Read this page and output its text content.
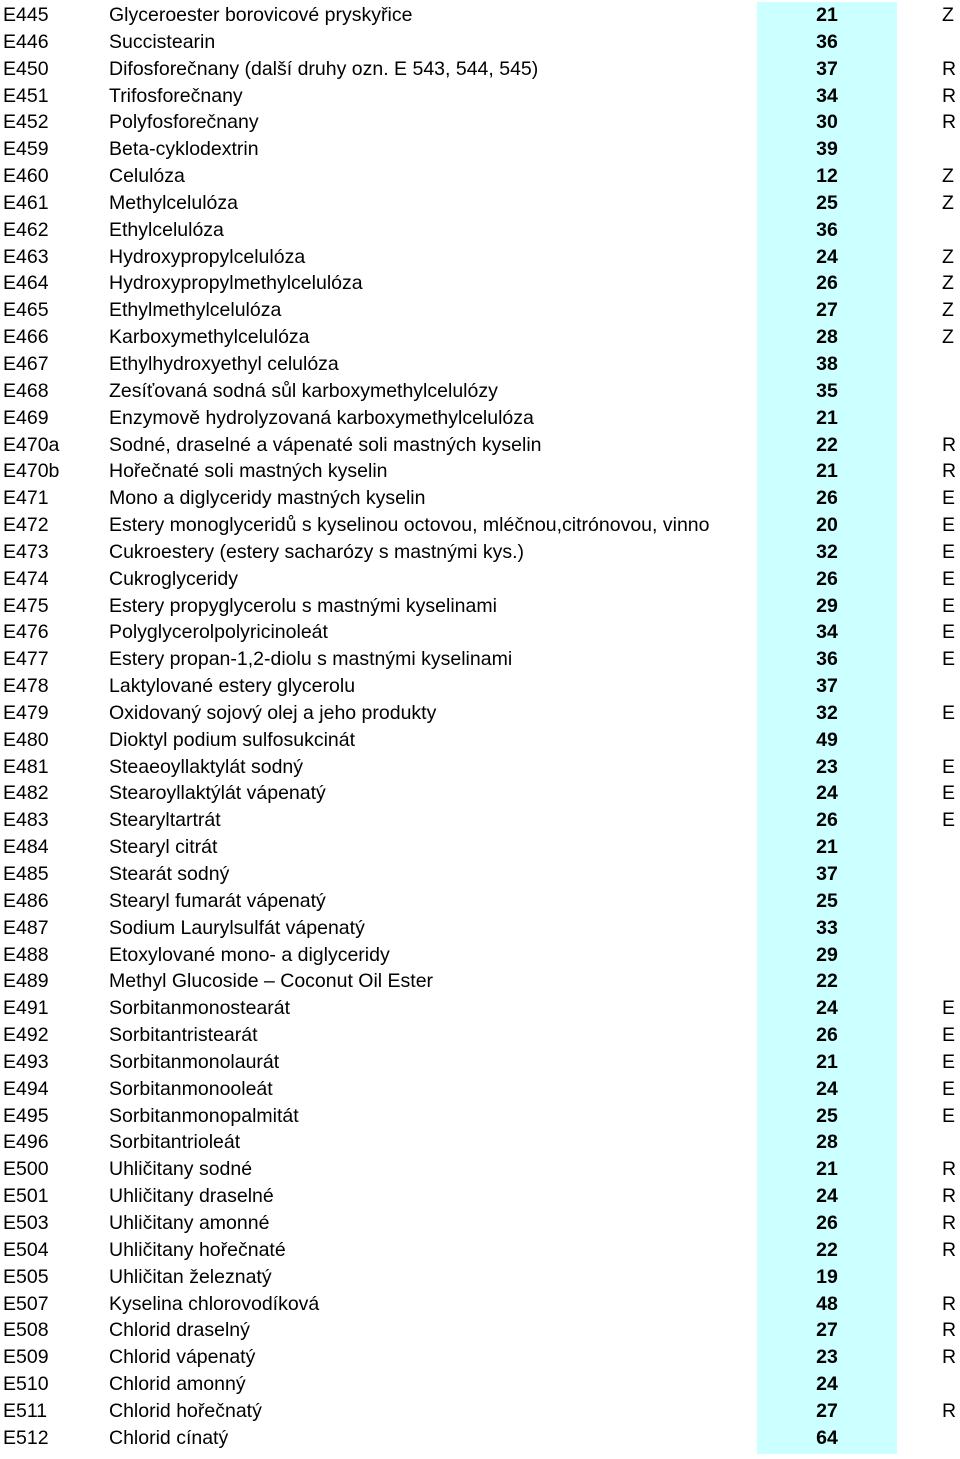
E445	Glyceroester borovicové pryskyřice	21	Z
E446	Succistearin	36
E450	Difosforečnany (další druhy ozn. E 543, 544, 545)	37	R
E451	Trifosforečnany	34	R
E452	Polyfosforečnany	30	R
E459	Beta-cyklodextrin	39
E460	Celulóza	12	Z
E461	Methylcelulóza	25	Z
E462	Ethylcelulóza	36
E463	Hydroxypropylcelulóza	24	Z
E464	Hydroxypropylmethylcelulóza	26	Z
E465	Ethylmethylcelulóza	27	Z
E466	Karboxymethylcelulóza	28	Z
E467	Ethylhydroxyethyl celulóza	38
E468	Zesíťovaná sodná sůl karboxymethylcelulózy	35
E469	Enzymově hydrolyzovaná karboxymethylcelulóza	21
E470a	Sodné, draselné a vápenaté soli mastných kyselin	22	R
E470b	Hořečnaté soli mastných kyselin	21	R
E471	Mono a diglyceridy mastných kyselin	26	E
E472	Estery monoglyceridů s kyselinou octovou, mléčnou,citrónovou, vinno	20	E
E473	Cukroestery (estery sacharózy s mastnými kys.)	32	E
E474	Cukroglyceridy	26	E
E475	Estery propyglycerolu s mastnými kyselinami	29	E
E476	Polyglycerolpolyricinoleát	34	E
E477	Estery propan-1,2-diolu s mastnými kyselinami	36	E
E478	Laktylované estery glycerolu	37
E479	Oxidovaný sojový olej a jeho produkty	32	E
E480	Dioktyl podium sulfosukcinát	49
E481	Steaeoyllaktylát sodný	23	E
E482	Stearoyllaktýlát vápenatý	24	E
E483	Stearyltartrát	26	E
E484	Stearyl citrát	21
E485	Stearát sodný	37
E486	Stearyl fumarát vápenatý	25
E487	Sodium Laurylsulfát vápenatý	33
E488	Etoxylované mono- a diglyceridy	29
E489	Methyl Glucoside – Coconut Oil Ester	22
E491	Sorbitanmonostearát	24	E
E492	Sorbitantristearát	26	E
E493	Sorbitanmonolaurát	21	E
E494	Sorbitanmonooleát	24	E
E495	Sorbitanmonopalmitát	25	E
E496	Sorbitantrioleát	28
E500	Uhličitany sodné	21	R
E501	Uhličitany draselné	24	R
E503	Uhličitany amonné	26	R
E504	Uhličitany hořečnaté	22	R
E505	Uhličitan železnatý	19
E507	Kyselina chlorovodíková	48	R
E508	Chlorid draselný	27	R
E509	Chlorid vápenatý	23	R
E510	Chlorid amonný	24
E511	Chlorid hořečnatý	27	R
E512	Chlorid cínatý	64
